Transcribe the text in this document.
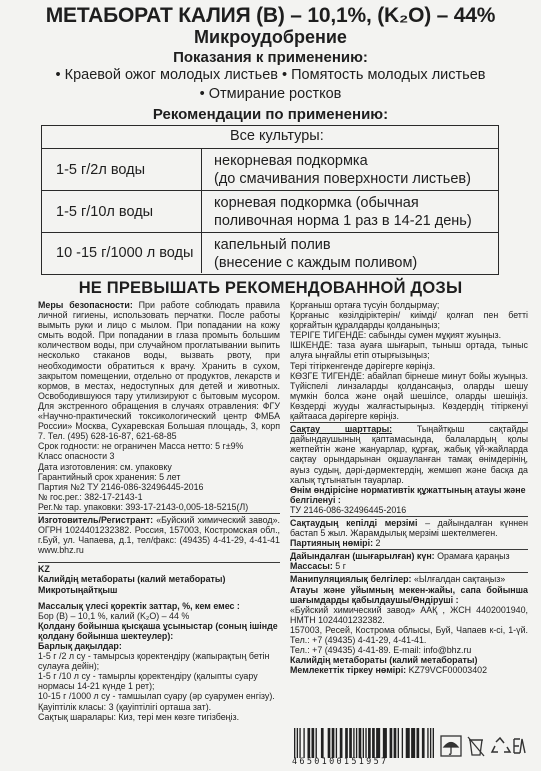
МЕТАБОРАТ КАЛИЯ (B) – 10,1%, (K₂O) – 44%
Микроудобрение
Показания к применению:
• Краевой ожог молодых листьев • Помятость молодых листьев
• Отмирание ростков
Рекомендации по применению:
Все культуры:
1-5 г/2л воды
некорневая подкормка
(до смачивания поверхности листьев)
1-5 г/10л воды
корневая подкормка (обычная
поливочная норма 1 раз в 14-21 день)
10 -15 г/1000 л воды	капельный полив
(внесение с каждым поливом)
НЕ ПРЕВЫШАТЬ РЕКОМЕНДОВАННОЙ ДОЗЫ

Меры безопасности: При работе соблюдать правила личной гигиены, использовать перчатки. После работы вымыть руки и лицо с мылом. При попадании на кожу смыть водой. При попадании в глаза промыть большим количеством воды, при случайном проглатывании выпить несколько стаканов воды, вызвать рвоту, при необходимости обратиться к врачу. Хранить в сухом, закрытом помещении, отдельно от продуктов, лекарств и кормов, в местах, недоступных для детей и животных. Освободившуюся тару утилизируют с бытовым мусором. Для экстренного обращения в случаях отравления: ФГУ «Научно-практический токсикологический центр ФМБА России» Москва, Сухаревская Большая площадь, 3, корп 7. Тел. (495) 628-16-87, 621-68-85

Срок годности: не ограничен Масса нетто: 5 г±9%

Класс опасности 3

Дата изготовления: см. упаковку

Гарантийный срок хранения: 5 лет

Партия №2 ТУ 2146-086-32496445-2016

№ гос.рег.: 382-17-2143-1

Рег.№ тар. упаковки: 393-17-2143-0,005-18-5215(Л)

Изготовитель/Регистрант: «Буйский химический завод». ОГРН 1024401232382. Россия, 157003, Костромская обл., г.Буй, ул. Чапаева, д.1, тел/факс: (49435) 4-41-29, 4-41-41 www.bhz.ru

KZ

Калийдің метабораты (калий метабораты)

Микротыңайтқыш

Массалық үлесі қоректік заттар, %, кем емес :

Бор (B) – 10,1 %, калий (K₂O) – 44 %

Қолдану бойынша қысқаша ұсыныстар (соның ішінде қолдану бойынша шектеулер):

Барлық дақылдар:

1-5 г /2 л су - тамырсыз қоректендіру (жапырақтың бетін сулауға дейін);

1-5 г /10 л су - тамырлы қоректендіру (қалыпты суару нормасы 14-21 күнде 1 рет);

10-15 г /1000 л су - тамшылап суару (әр суарумен енгізу).

Қауіптілік класы: 3 (қауіптілігі орташа зат).

Сақтық шаралары: Киз, тері мен көзге тигізбеңіз.

Қорғаныш ортаға түсуін болдырмау;

Қорғаныс көзілдіріктерін/ киімді/ қолғап пен бетті қорғайтын құралдарды қолданыңыз;

ТЕРІГЕ ТИГЕНДЕ: сабынды сумен мұқият жуыңыз.

ІШКЕНДЕ: таза ауаға шығарып, тыныш ортада, тыныс алуға ыңғайлы етіп отырғызыңыз;

Тері тітіркенгенде дәрігерге көріңіз.

КӨЗГЕ ТИГЕНДЕ: абайлап бірнеше минут бойы жуыңыз. Түйіспелі линзаларды қолдансаңыз, оларды шешу мүмкін болса және оңай шешілсе, оларды шешіңіз. Көздерді жууды жалғастырыңыз. Көздердің тітіркенуі қайтааса дәрігерге көріңіз.

Сақтау шарттары: Тыңайтқыш сақтайды дайындаушының қаптамасында, балалардың қолы жетпейтін және жануарлар, құрғақ, жабық үй-жайларда сақтау орындарынан оқшауланған тамақ өнімдерінің, ауыз судың, дәрі-дәрмектердің, жемшөп және басқа да халық тұтынатын тауарлар.

Өнім өндірісіне нормативтік құжаттының атауы және белгіленуі :

ТУ 2146-086-32496445-2016

Сақтаудың кепілді мерзімі – дайындалған күннен бастап 5 жыл. Жарамдылық мерзімі шектелмеген.

Партияның нөмірі: 2

Дайындалған (шығарылған) күн: Орамаға қараңыз

Массасы: 5 г

Манипуляциялық белгілер: «Ылғалдан сақтаңыз»

Атауы және уйымның мекен-жайы, сапа бойынша шағымдарды қабылдаушы/Өндіруші :

«Буйский химический завод» ААҚ , ЖСН 4402001940, НМТН 1024401232382.

157003, Ресей, Кострома облысы, Буй, Чапаев к-сі, 1-үй. Тел.: +7 (49435) 4-41-29, 4-41-41.

Тел.: +7 (49435) 4-41-89. E-mail: info@bhz.ru

Калийдің метабораты (калий метабораты)

Мемлекеттік тіркеу нөмірі: KZ79VCF00003402

4650100151957
